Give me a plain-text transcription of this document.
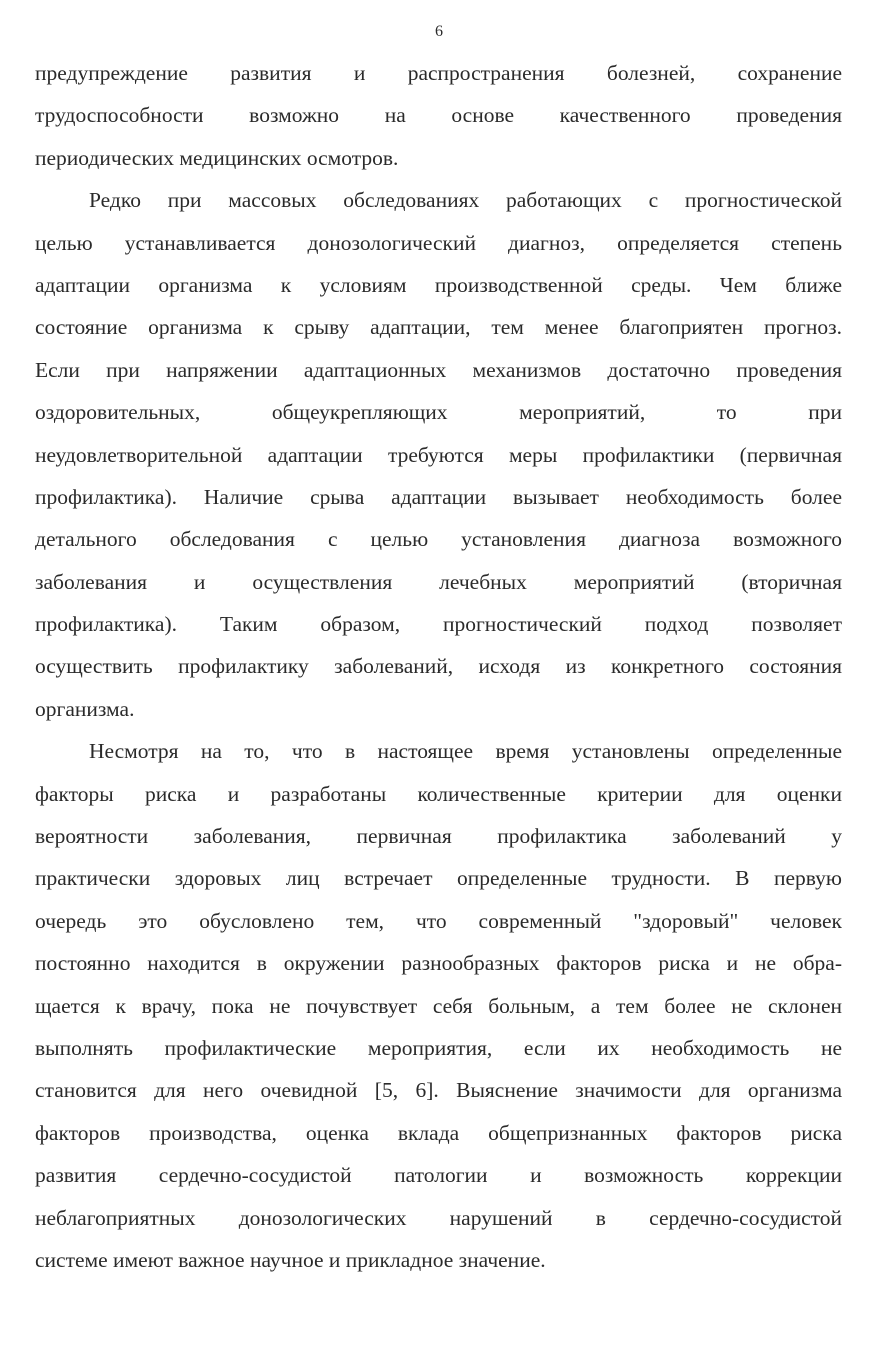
6
предупреждение развития и распространения болезней, сохранение
трудоспособности возможно на основе качественного проведения
периодических медицинских осмотров.
Редко при массовых обследованиях работающих с прогностической
целью устанавливается донозологический диагноз, определяется степень
адаптации организма к условиям производственной среды. Чем ближе
состояние организма к срыву адаптации, тем менее благоприятен прогноз.
Если при напряжении адаптационных механизмов достаточно проведения
оздоровительных, общеукрепляющих мероприятий, то при
неудовлетворительной адаптации требуются меры профилактики (первичная
профилактика). Наличие срыва адаптации вызывает необходимость более
детального обследования с целью установления диагноза возможного
заболевания и осуществления лечебных мероприятий (вторичная
профилактика). Таким образом, прогностический подход позволяет
осуществить профилактику заболеваний, исходя из конкретного состояния
организма.
Несмотря на то, что в настоящее время установлены определенные
факторы риска и разработаны количественные критерии для оценки
вероятности заболевания, первичная профилактика заболеваний у
практически здоровых лиц встречает определенные трудности. В первую
очередь это обусловлено тем, что современный "здоровый" человек
постоянно находится в окружении разнообразных факторов риска и не обра-
щается к врачу, пока не почувствует себя больным, а тем более не склонен
выполнять профилактические мероприятия, если их необходимость не
становится для него очевидной [5, 6]. Выяснение значимости для организма
факторов производства, оценка вклада общепризнанных факторов риска
развития сердечно-сосудистой патологии и возможность коррекции
неблагоприятных донозологических нарушений в сердечно-сосудистой
системе имеют важное научное и прикладное значение.
